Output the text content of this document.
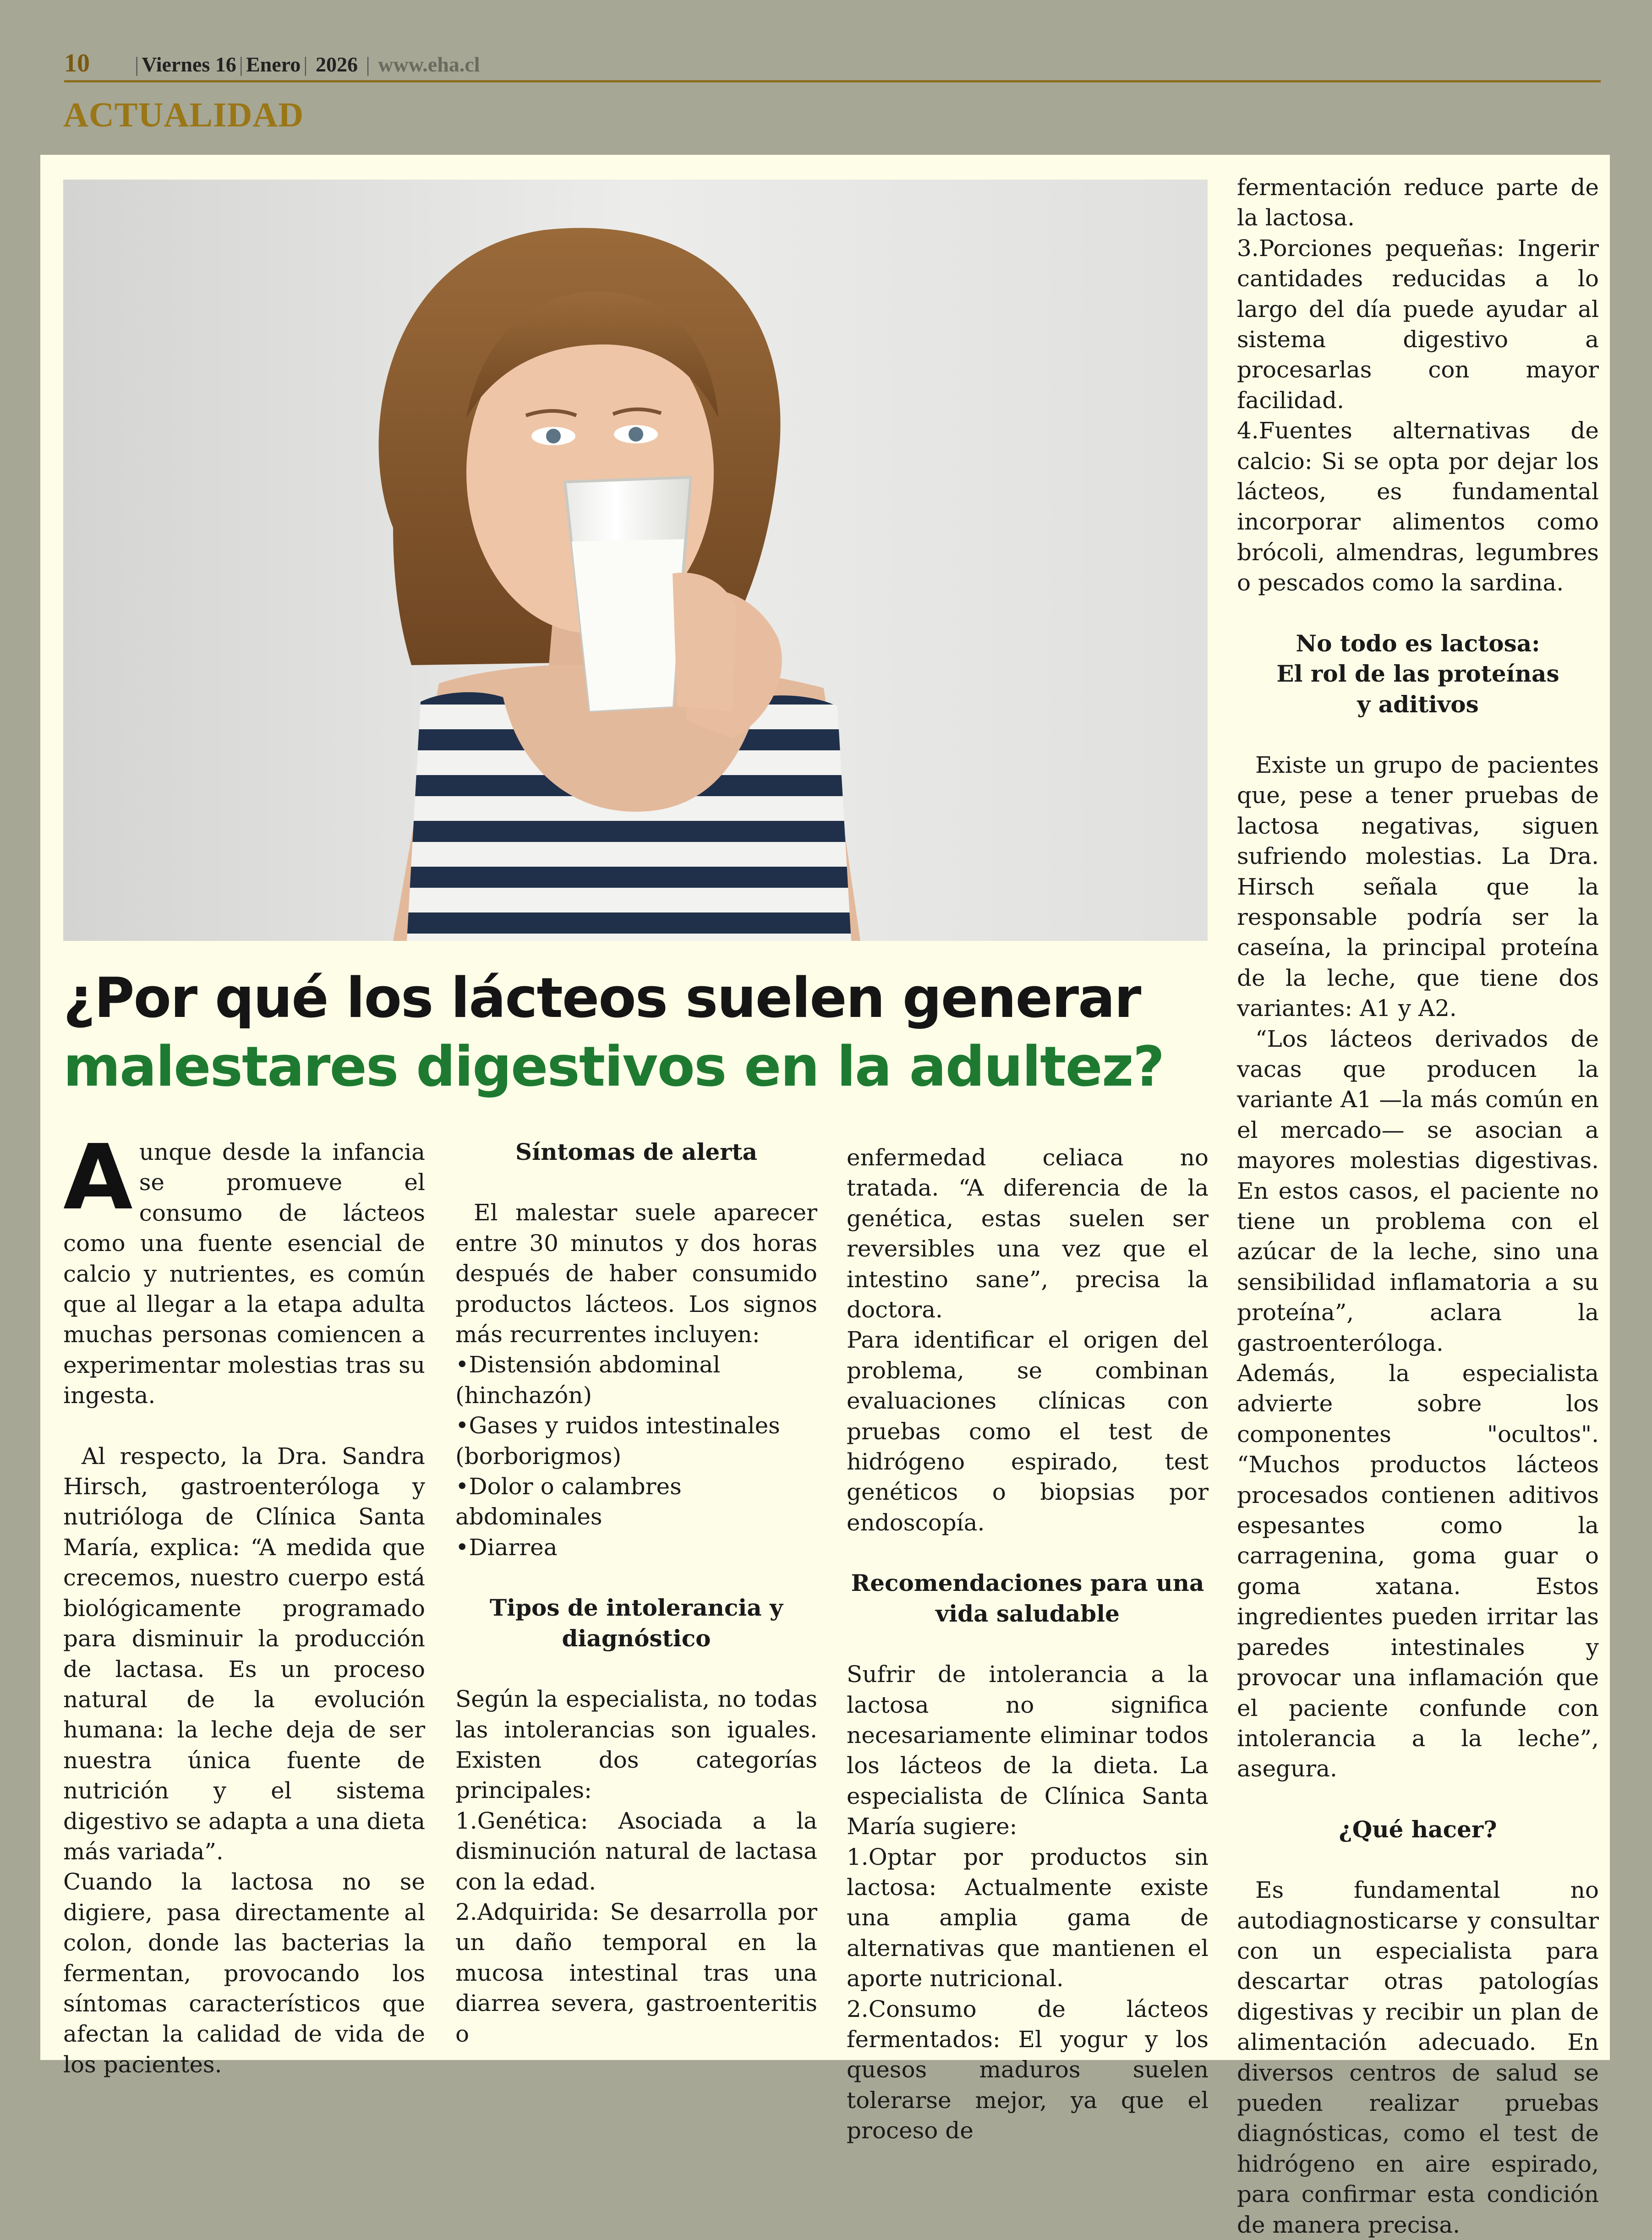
10 | Viernes 16 | Enero | 2026 | www.eha.cl
ACTUALIDAD
¿Por qué los lácteos suelen generar
malestares digestivos en la adultez?

Aunque desde la infancia se promueve el consumo de lácteos como una fuente esencial de calcio y nutrientes, es común que al llegar a la etapa adulta muchas personas comiencen a experimentar molestias tras su ingesta.

Al respecto, la Dra. Sandra Hirsch, gastroenteróloga y nutrióloga de Clínica Santa María, explica: “A medida que crecemos, nuestro cuerpo está biológicamente programado para disminuir la producción de lactasa. Es un proceso natural de la evolución humana: la leche deja de ser nuestra única fuente de nutrición y el sistema digestivo se adapta a una dieta más variada”.

Cuando la lactosa no se digiere, pasa directamente al colon, donde las bacterias la fermentan, provocando los síntomas característicos que afectan la calidad de vida de los pacientes.

Síntomas de alerta

El malestar suele aparecer entre 30 minutos y dos horas después de haber consumido productos lácteos. Los signos más recurrentes incluyen:

•Distensión abdominal (hinchazón)

•Gases y ruidos intestinales (borborigmos)

•Dolor o calambres abdominales

•Diarrea

Tipos de intolerancia y diagnóstico

Según la especialista, no todas las intolerancias son iguales. Existen dos categorías principales:

1.Genética: Asociada a la disminución natural de lactasa con la edad.

2.Adquirida: Se desarrolla por un daño temporal en la mucosa intestinal tras una diarrea severa, gastroenteritis o

enfermedad celiaca no tratada. “A diferencia de la genética, estas suelen ser reversibles una vez que el intestino sane”, precisa la doctora.

Para identificar el origen del problema, se combinan evaluaciones clínicas con pruebas como el test de hidrógeno espirado, test genéticos o biopsias por endoscopía.

Recomendaciones para una vida saludable

Sufrir de intolerancia a la lactosa no significa necesariamente eliminar todos los lácteos de la dieta. La especialista de Clínica Santa María sugiere:

1.Optar por productos sin lactosa: Actualmente existe una amplia gama de alternativas que mantienen el aporte nutricional.

2.Consumo de lácteos fermentados: El yogur y los quesos maduros suelen tolerarse mejor, ya que el proceso de

fermentación reduce parte de la lactosa.

3.Porciones pequeñas: Ingerir cantidades reducidas a lo largo del día puede ayudar al sistema digestivo a procesarlas con mayor facilidad.

4.Fuentes alternativas de calcio: Si se opta por dejar los lácteos, es fundamental incorporar alimentos como brócoli, almendras, legumbres o pescados como la sardina.

No todo es lactosa:

El rol de las proteínas

y aditivos

Existe un grupo de pacientes que, pese a tener pruebas de lactosa negativas, siguen sufriendo molestias. La Dra. Hirsch señala que la responsable podría ser la caseína, la principal proteína de la leche, que tiene dos variantes: A1 y A2.

“Los lácteos derivados de vacas que producen la variante A1 —la más común en el mercado— se asocian a mayores molestias digestivas. En estos casos, el paciente no tiene un problema con el azúcar de la leche, sino una sensibilidad inflamatoria a su proteína”, aclara la gastroenteróloga.

Además, la especialista advierte sobre los componentes "ocultos". “Muchos productos lácteos procesados contienen aditivos espesantes como la carragenina, goma guar o goma xatana. Estos ingredientes pueden irritar las paredes intestinales y provocar una inflamación que el paciente confunde con intolerancia a la leche”, asegura.

¿Qué hacer?

Es fundamental no autodiagnosticarse y consultar con un especialista para descartar otras patologías digestivas y recibir un plan de alimentación adecuado. En diversos centros de salud se pueden realizar pruebas diagnósticas, como el test de hidrógeno en aire espirado, para confirmar esta condición de manera precisa.
